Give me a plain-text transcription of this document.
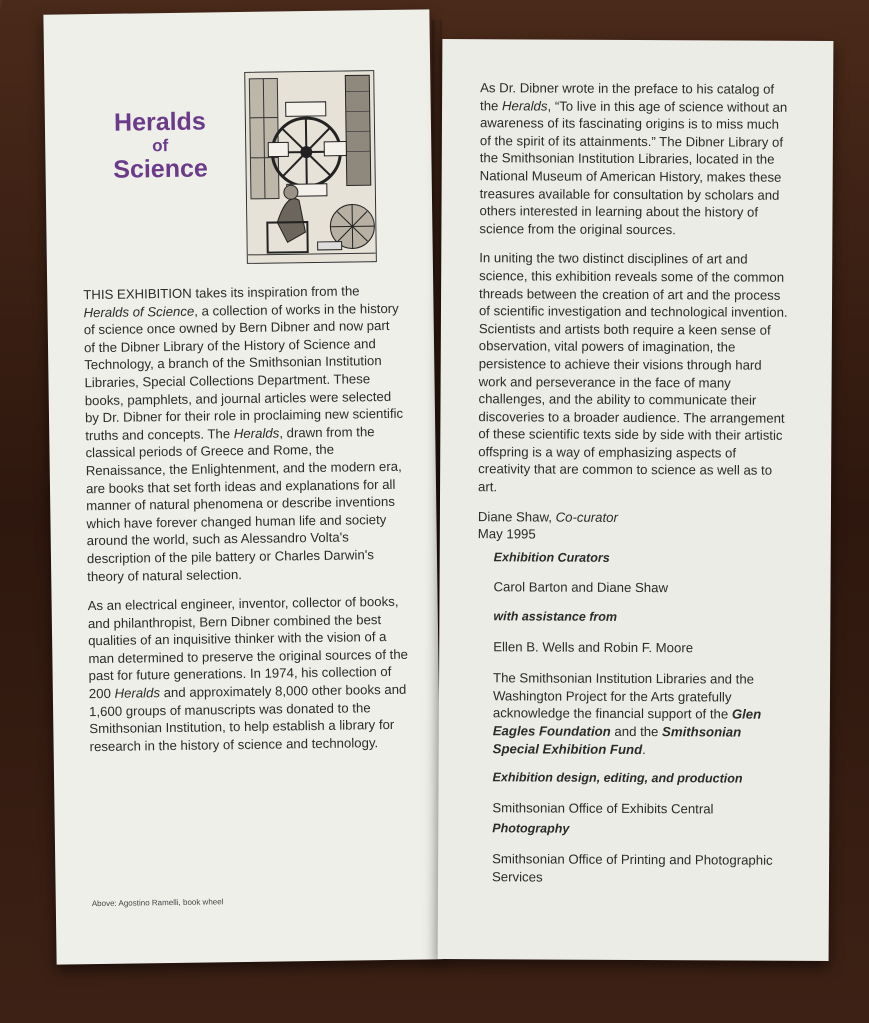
Heralds
of
Science

THIS EXHIBITION takes its inspiration from the Heralds of Science, a collection of works in the history of science once owned by Bern Dibner and now part of the Dibner Library of the History of Science and Technology, a branch of the Smithsonian Institution Libraries, Special Collections Department. These books, pamphlets, and journal articles were selected by Dr. Dibner for their role in proclaiming new scientific truths and concepts. The Heralds, drawn from the classical periods of Greece and Rome, the Renaissance, the Enlightenment, and the modern era, are books that set forth ideas and explanations for all manner of natural phenomena or describe inventions which have forever changed human life and society around the world, such as Alessandro Volta's description of the pile battery or Charles Darwin's theory of natural selection.

As an electrical engineer, inventor, collector of books, and philanthropist, Bern Dibner combined the best qualities of an inquisitive thinker with the vision of a man determined to preserve the original sources of the past for future generations. In 1974, his collection of 200 Heralds and approximately 8,000 other books and 1,600 groups of manuscripts was donated to the Smithsonian Institution, to help establish a library for research in the history of science and technology.

Above: Agostino Ramelli, book wheel

As Dr. Dibner wrote in the preface to his catalog of the Heralds, “To live in this age of science without an awareness of its fascinating origins is to miss much of the spirit of its attainments.” The Dibner Library of the Smithsonian Institution Libraries, located in the National Museum of American History, makes these treasures available for consultation by scholars and others interested in learning about the history of science from the original sources.

In uniting the two distinct disciplines of art and science, this exhibition reveals some of the common threads between the creation of art and the process of scientific investigation and technological invention. Scientists and artists both require a keen sense of observation, vital powers of imagination, the persistence to achieve their visions through hard work and perseverance in the face of many challenges, and the ability to communicate their discoveries to a broader audience. The arrangement of these scientific texts side by side with their artistic offspring is a way of emphasizing aspects of creativity that are common to science as well as to art.

Diane Shaw, Co-curator

May 1995

Exhibition Curators

Carol Barton and Diane Shaw

with assistance from

Ellen B. Wells and Robin F. Moore

The Smithsonian Institution Libraries and the Washington Project for the Arts gratefully acknowledge the financial support of the Glen Eagles Foundation and the Smithsonian Special Exhibition Fund.

Exhibition design, editing, and production

Smithsonian Office of Exhibits Central

Photography

Smithsonian Office of Printing and Photographic Services
